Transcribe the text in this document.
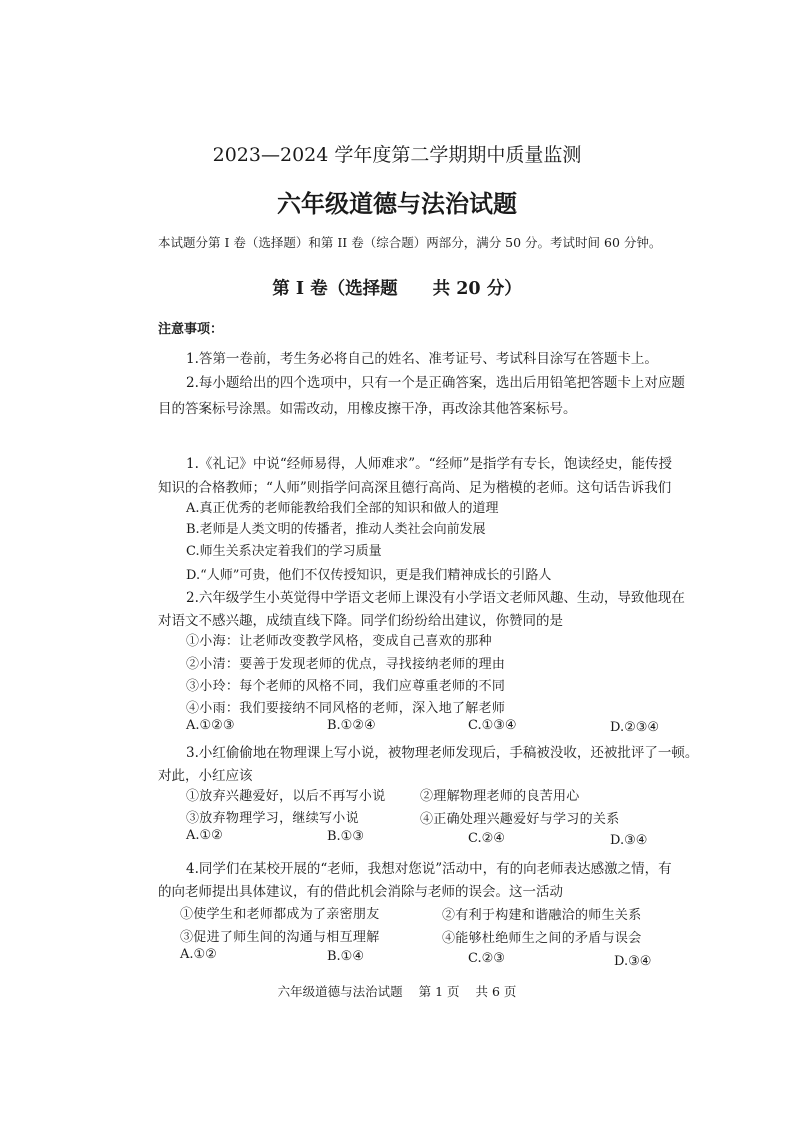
2023—2024 学年度第二学期期中质量监测
六年级道德与法治试题
本试题分第 I 卷（选择题）和第 II 卷（综合题）两部分，满分 50 分。考试时间 60 分钟。
第 I 卷（选择题　　共 20 分）
注意事项：
1.答第一卷前，考生务必将自己的姓名、准考证号、考试科目涂写在答题卡上。
2.每小题给出的四个选项中，只有一个是正确答案，选出后用铅笔把答题卡上对应题
目的答案标号涂黑。如需改动，用橡皮擦干净，再改涂其他答案标号。
1.《礼记》中说“经师易得，人师难求”。“经师”是指学有专长，饱读经史，能传授
知识的合格教师；“人师”则指学问高深且德行高尚、足为楷模的老师。这句话告诉我们
A.真正优秀的老师能教给我们全部的知识和做人的道理
B.老师是人类文明的传播者，推动人类社会向前发展
C.师生关系决定着我们的学习质量
D.“人师”可贵，他们不仅传授知识，更是我们精神成长的引路人
2.六年级学生小英觉得中学语文老师上课没有小学语文老师风趣、生动，导致他现在
对语文不感兴趣，成绩直线下降。同学们纷纷给出建议，你赞同的是
①小海：让老师改变教学风格，变成自己喜欢的那种
②小清：要善于发现老师的优点，寻找接纳老师的理由
③小玲：每个老师的风格不同，我们应尊重老师的不同
④小雨：我们要接纳不同风格的老师，深入地了解老师
A.①②③	B.①②④	C.①③④	D.②③④
3.小红偷偷地在物理课上写小说，被物理老师发现后，手稿被没收，还被批评了一顿。
对此，小红应该
①放弃兴趣爱好，以后不再写小说	②理解物理老师的良苦用心
③放弃物理学习，继续写小说	④正确处理兴趣爱好与学习的关系
A.①②	B.①③	C.②④	D.③④
4.同学们在某校开展的“老师，我想对您说”活动中，有的向老师表达感激之情，有
的向老师提出具体建议，有的借此机会消除与老师的误会。这一活动
①使学生和老师都成为了亲密朋友	②有利于构建和谐融洽的师生关系
③促进了师生间的沟通与相互理解	④能够杜绝师生之间的矛盾与误会
A.①②	B.①④	C.②③	D.③④
六年级道德与法治试题 第 1 页 共 6 页
